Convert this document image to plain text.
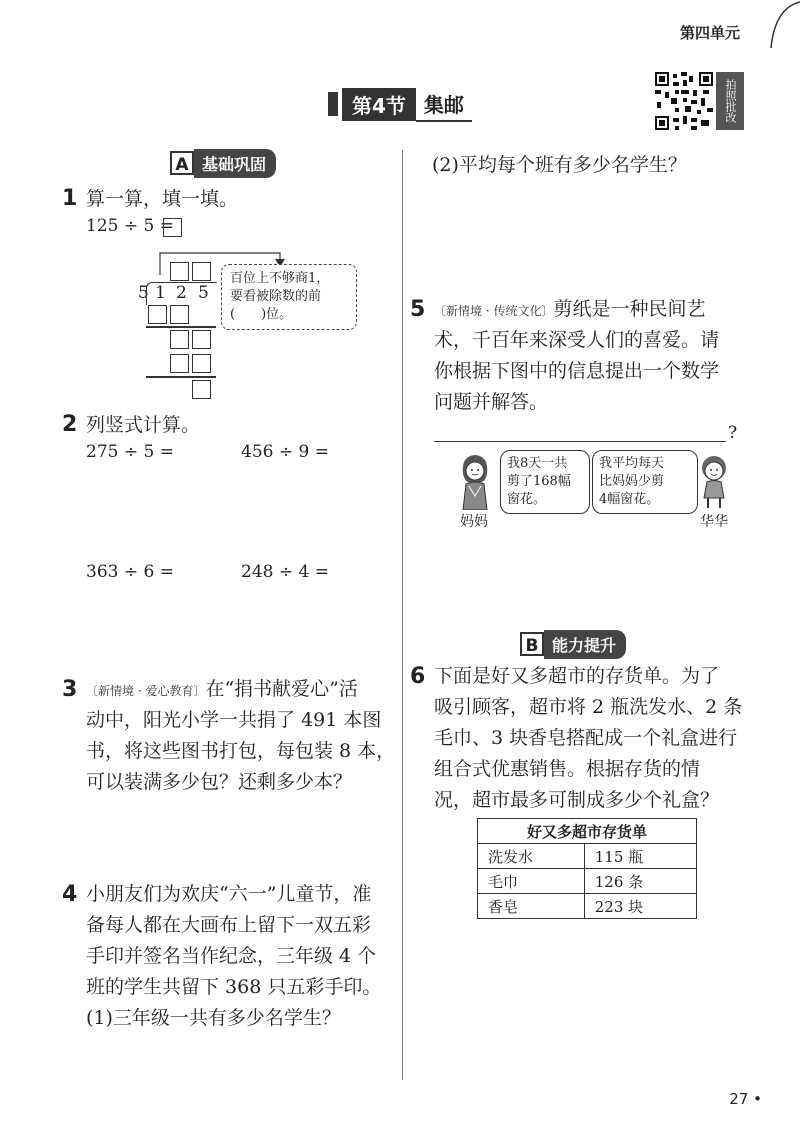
第四单元
第4节 集邮	拍照批改
A 基础巩固
1 算一算，填一填。
125 ÷ 5 =
5 1 2 5
百位上不够商1，
要看被除数的前
(　　)位。
2 列竖式计算。
275 ÷ 5 =	456 ÷ 9 =
363 ÷ 6 =	248 ÷ 4 =
3 〔新情境 · 爱心教育〕在“捐书献爱心”活
动中，阳光小学一共捐了 491 本图
书，将这些图书打包，每包装 8 本，
可以装满多少包？还剩多少本？
4 小朋友们为欢庆“六一”儿童节，准
备每人都在大画布上留下一双五彩
手印并签名当作纪念，三年级 4 个
班的学生共留下 368 只五彩手印。
(1)三年级一共有多少名学生？
(2)平均每个班有多少名学生？
5 〔新情境 · 传统文化〕剪纸是一种民间艺
术，千百年来深受人们的喜爱。请
你根据下图中的信息提出一个数学
问题并解答。
?
妈妈
我8天一共
剪了168幅
窗花。
我平均每天
比妈妈少剪
4幅窗花。
华华
B 能力提升
6 下面是好又多超市的存货单。为了
吸引顾客，超市将 2 瓶洗发水、2 条
毛巾、3 块香皂搭配成一个礼盒进行
组合式优惠销售。根据存货的情
况，超市最多可制成多少个礼盒？
好又多超市存货单	
洗发水	115 瓶
毛巾	126 条
香皂	223 块
27 •
